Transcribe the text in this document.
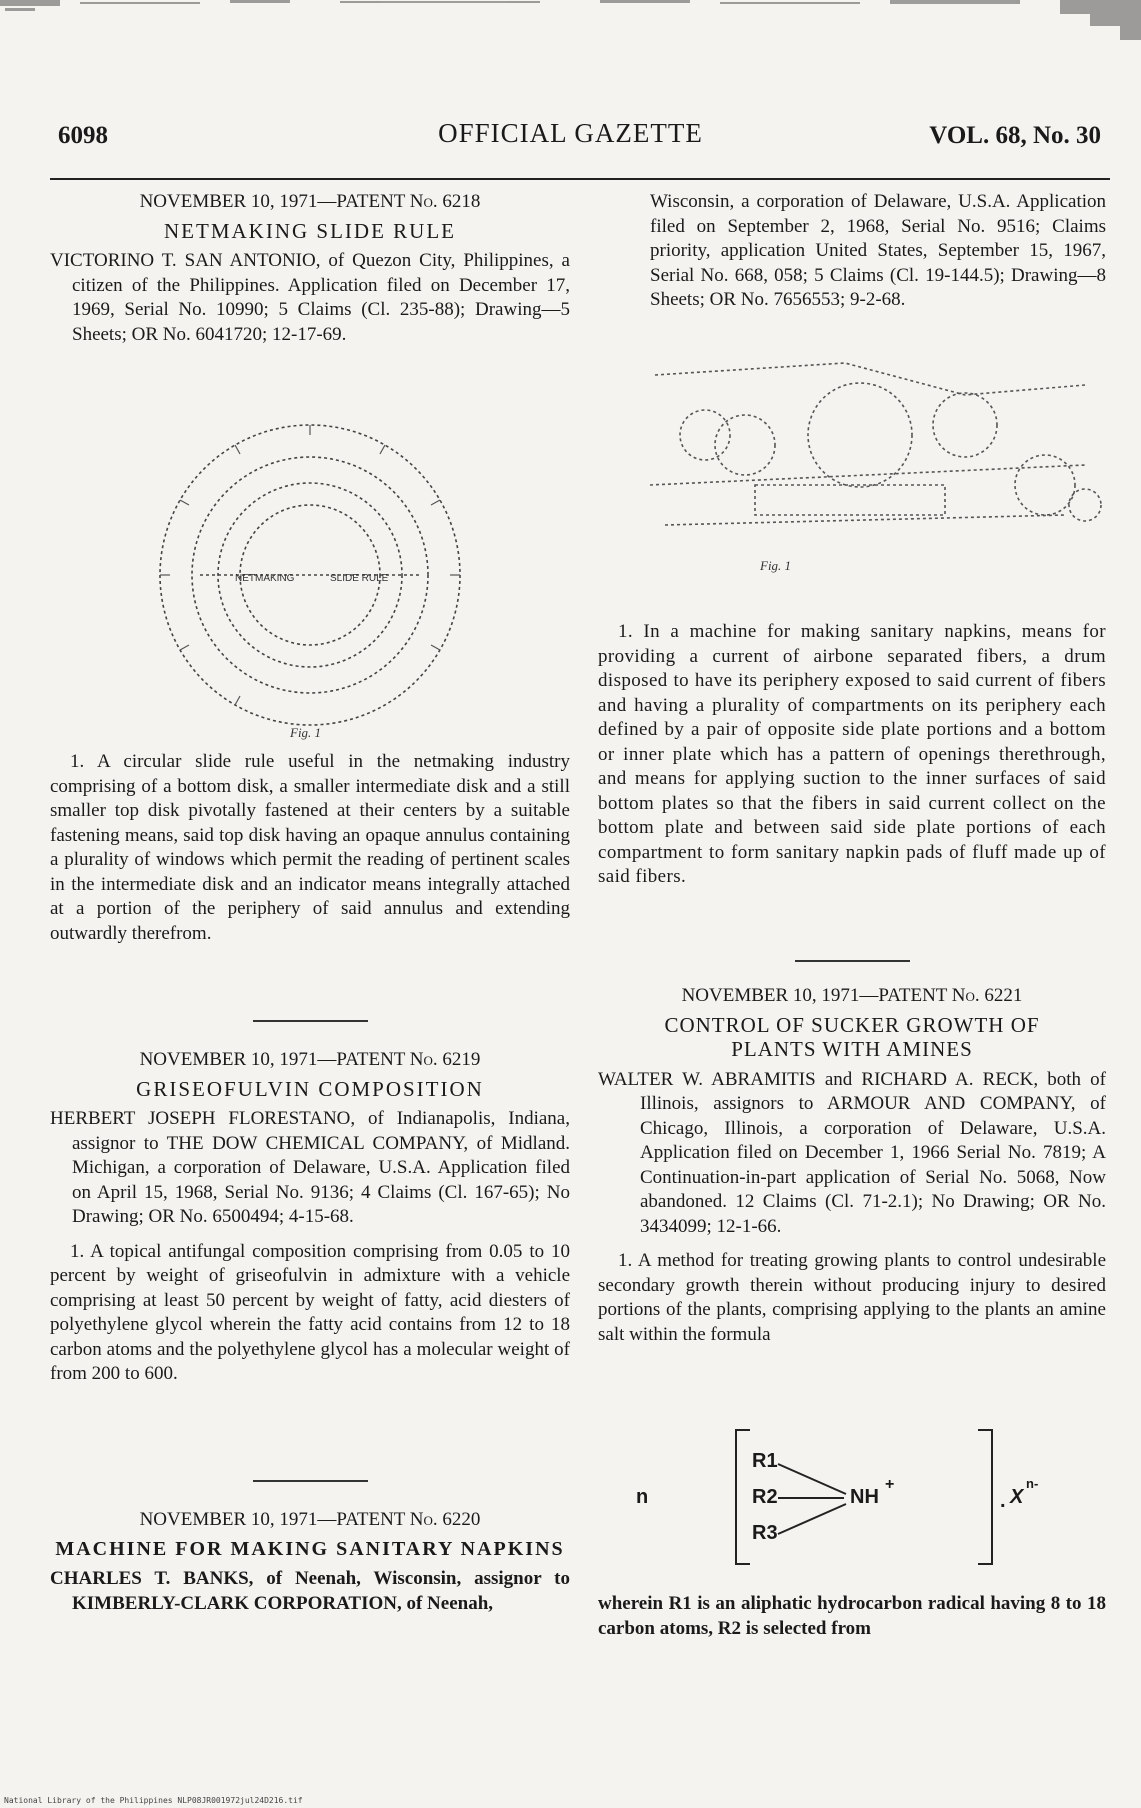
6098	OFFICIAL GAZETTE	VOL. 68, No. 30

NOVEMBER 10, 1971—PATENT No. 6218

NETMAKING SLIDE RULE

VICTORINO T. SAN ANTONIO, of Quezon City, Philippines, a citizen of the Philippines. Application filed on December 17, 1969, Serial No. 10990; 5 Claims (Cl. 235-88); Drawing—5 Sheets; OR No. 6041720; 12-17-69.

NETMAKING	SLIDE RULE
Fig. 1

1. A circular slide rule useful in the netmaking industry comprising of a bottom disk, a smaller intermediate disk and a still smaller top disk pivotally fastened at their centers by a suitable fastening means, said top disk having an opaque annulus containing a plurality of windows which permit the reading of pertinent scales in the intermediate disk and an indicator means integrally attached at a portion of the periphery of said annulus and extending outwardly therefrom.

NOVEMBER 10, 1971—PATENT No. 6219

GRISEOFULVIN COMPOSITION

HERBERT JOSEPH FLORESTANO, of Indianapolis, Indiana, assignor to THE DOW CHEMICAL COMPANY, of Midland. Michigan, a corporation of Delaware, U.S.A. Application filed on April 15, 1968, Serial No. 9136; 4 Claims (Cl. 167-65); No Drawing; OR No. 6500494; 4-15-68.

1. A topical antifungal composition comprising from 0.05 to 10 percent by weight of griseofulvin in admixture with a vehicle comprising at least 50 percent by weight of fatty, acid diesters of polyethylene glycol wherein the fatty acid contains from 12 to 18 carbon atoms and the polyethylene glycol has a molecular weight of from 200 to 600.

NOVEMBER 10, 1971—PATENT No. 6220

MACHINE FOR MAKING SANITARY NAPKINS

CHARLES T. BANKS, of Neenah, Wisconsin, assignor to KIMBERLY-CLARK CORPORATION, of Neenah,

Wisconsin, a corporation of Delaware, U.S.A. Application filed on September 2, 1968, Serial No. 9516; Claims priority, application United States, September 15, 1967, Serial No. 668, 058; 5 Claims (Cl. 19-144.5); Drawing—8 Sheets; OR No. 7656553; 9-2-68.

Fig. 1

1. In a machine for making sanitary napkins, means for providing a current of airbone separated fibers, a drum disposed to have its periphery exposed to said current of fibers and having a plurality of compartments on its periphery each defined by a pair of opposite side plate portions and a bottom or inner plate which has a pattern of openings therethrough, and means for applying suction to the inner surfaces of said bottom plates so that the fibers in said current collect on the bottom plate and between said side plate portions of each compartment to form sanitary napkin pads of fluff made up of said fibers.

NOVEMBER 10, 1971—PATENT No. 6221

CONTROL OF SUCKER GROWTH OF PLANTS WITH AMINES

WALTER W. ABRAMITIS and RICHARD A. RECK, both of Illinois, assignors to ARMOUR AND COMPANY, of Chicago, Illinois, a corporation of Delaware, U.S.A. Application filed on December 1, 1966 Serial No. 7819; A Continuation-in-part application of Serial No. 5068, Now abandoned. 12 Claims (Cl. 71-2.1); No Drawing; OR No. 3434099; 12-1-66.

1. A method for treating growing plants to control undesirable secondary growth therein without producing injury to desired portions of the plants, comprising applying to the plants an amine salt within the formula

n
R1
R2
R3
NH
+
. X
n-

wherein R1 is an aliphatic hydrocarbon radical having 8 to 18 carbon atoms, R2 is selected from

National Library of the Philippines NLP08JR001972jul24D216.tif
